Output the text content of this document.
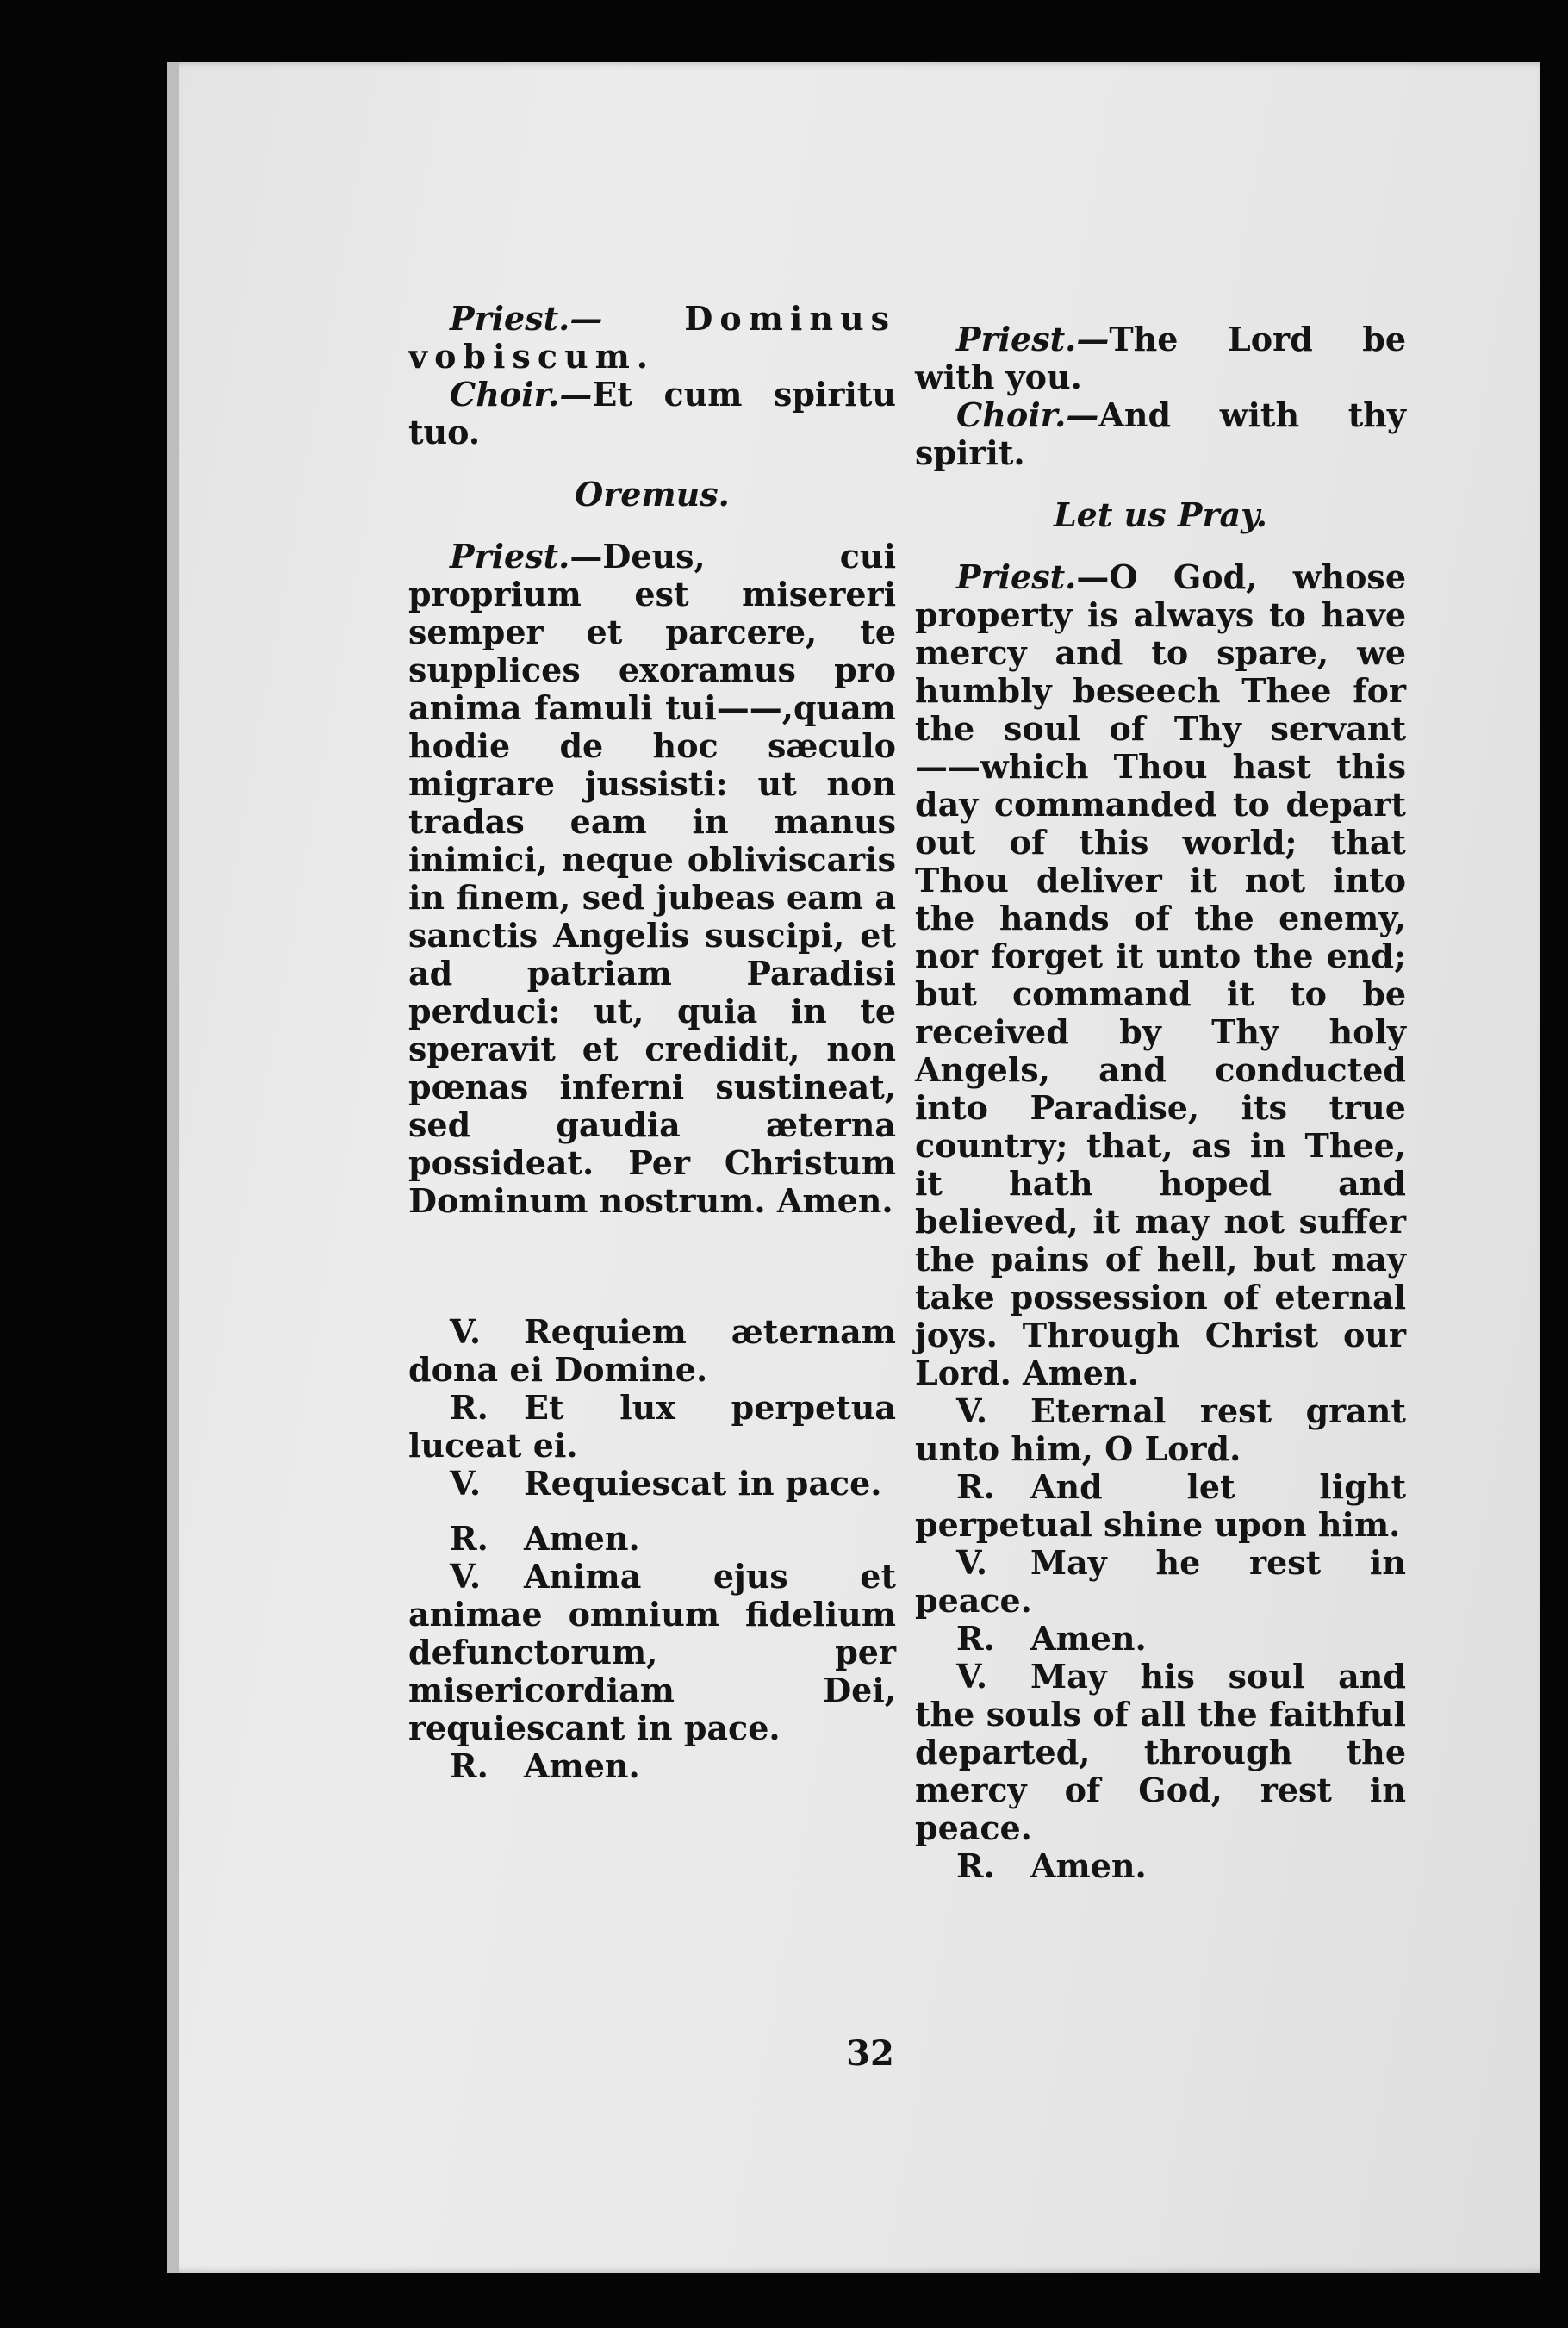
Priest.— Dominus vobiscum.

Choir.—Et cum spiritu tuo.

Oremus.

Priest.—Deus, cui proprium est misereri semper et parcere, te supplices exoramus pro anima famuli tui——,quam hodie de hoc sæculo migrare jussisti: ut non tradas eam in manus inimici, neque obliviscaris in finem, sed jubeas eam a sanctis Angelis suscipi, et ad patriam Paradisi perduci: ut, quia in te speravit et credidit, non pœnas inferni sustineat, sed gaudia æterna possideat. Per Christum Dominum nostrum. Amen.

V. Requiem æternam dona ei Domine.

R. Et lux perpetua luceat ei.

V. Requiescat in pace.

R. Amen.

V. Anima ejus et animae omnium fidelium defunctorum, per misericordiam Dei, requiescant in pace.

R. Amen.

Priest.—The Lord be with you.

Choir.—And with thy spirit.

Let us Pray.

Priest.—O God, whose property is always to have mercy and to spare, we humbly beseech Thee for the soul of Thy servant ——which Thou hast this day commanded to depart out of this world; that Thou deliver it not into the hands of the enemy, nor forget it unto the end; but command it to be received by Thy holy Angels, and conducted into Paradise, its true country; that, as in Thee, it hath hoped and believed, it may not suffer the pains of hell, but may take possession of eternal joys. Through Christ our Lord. Amen.

V. Eternal rest grant unto him, O Lord.

R. And let light perpetual shine upon him.

V. May he rest in peace.

R. Amen.

V. May his soul and the souls of all the faithful departed, through the mercy of God, rest in peace.

R. Amen.

32
